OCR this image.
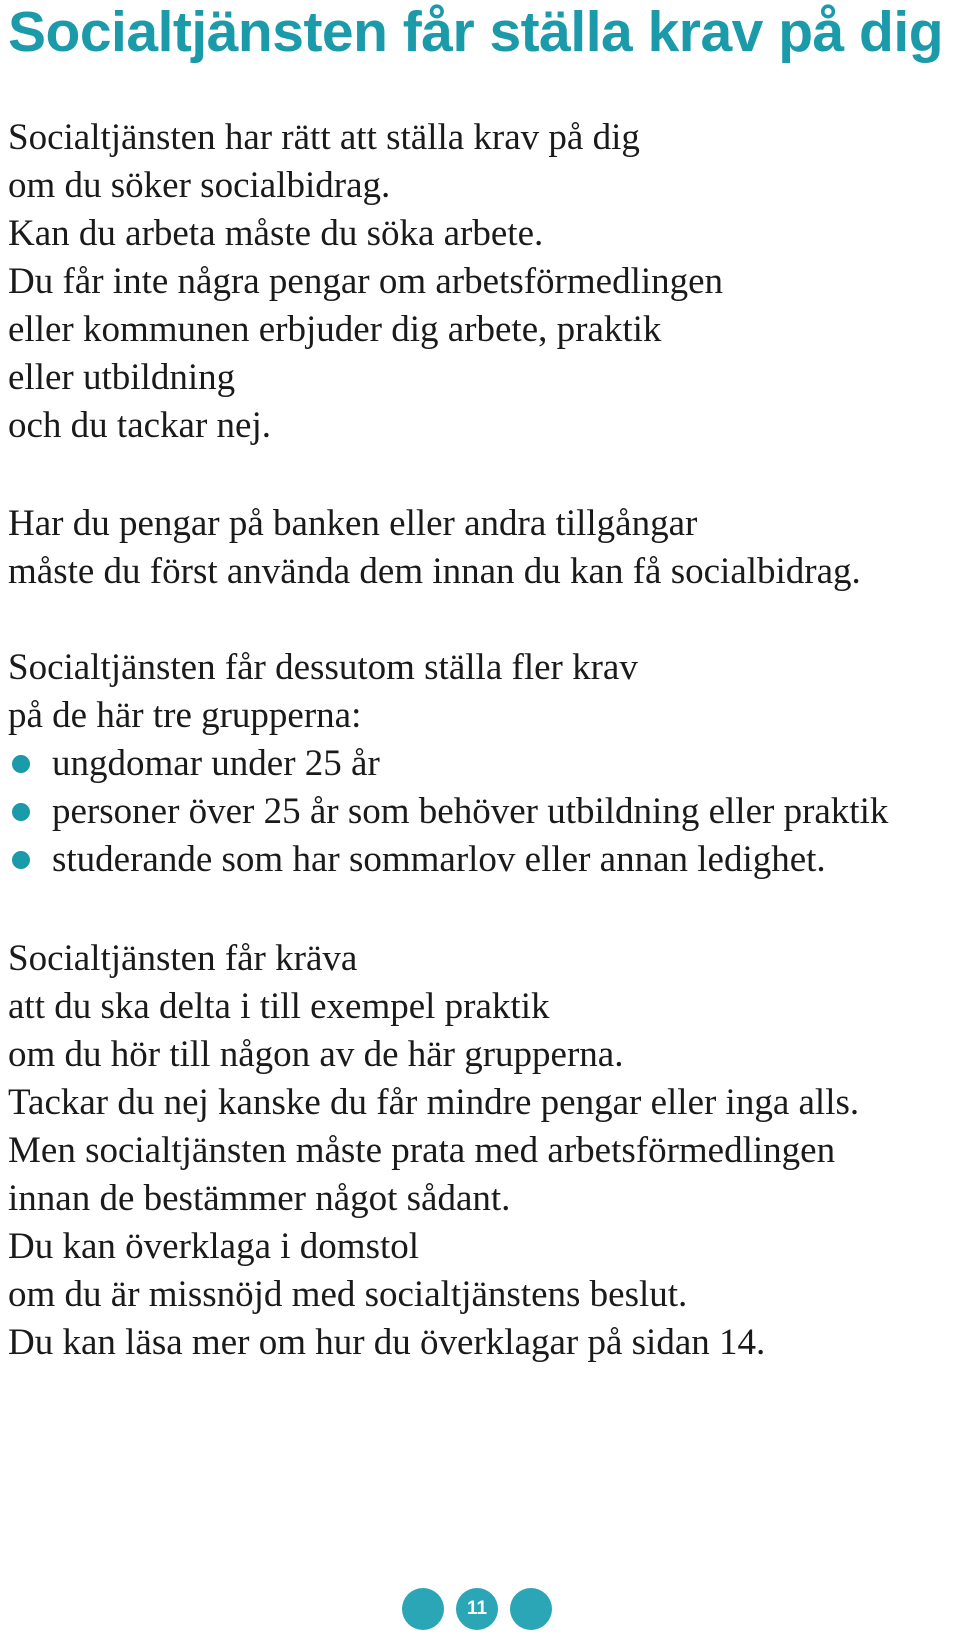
Socialtjänsten får ställa krav på dig
Socialtjänsten har rätt att ställa krav på dig
om du söker socialbidrag.
Kan du arbeta måste du söka arbete.
Du får inte några pengar om arbetsförmedlingen
eller kommunen erbjuder dig arbete, praktik
eller utbildning
och du tackar nej.
Har du pengar på banken eller andra tillgångar
måste du först använda dem innan du kan få socialbidrag.
Socialtjänsten får dessutom ställa fler krav
på de här tre grupperna:
ungdomar under 25 år
personer över 25 år som behöver utbildning eller praktik
studerande som har sommarlov eller annan ledighet.
Socialtjänsten får kräva
att du ska delta i till exempel praktik
om du hör till någon av de här grupperna.
Tackar du nej kanske du får mindre pengar eller inga alls.
Men socialtjänsten måste prata med arbetsförmedlingen
innan de bestämmer något sådant.
Du kan överklaga i domstol
om du är missnöjd med socialtjänstens beslut.
Du kan läsa mer om hur du överklagar på sidan 14.
11
